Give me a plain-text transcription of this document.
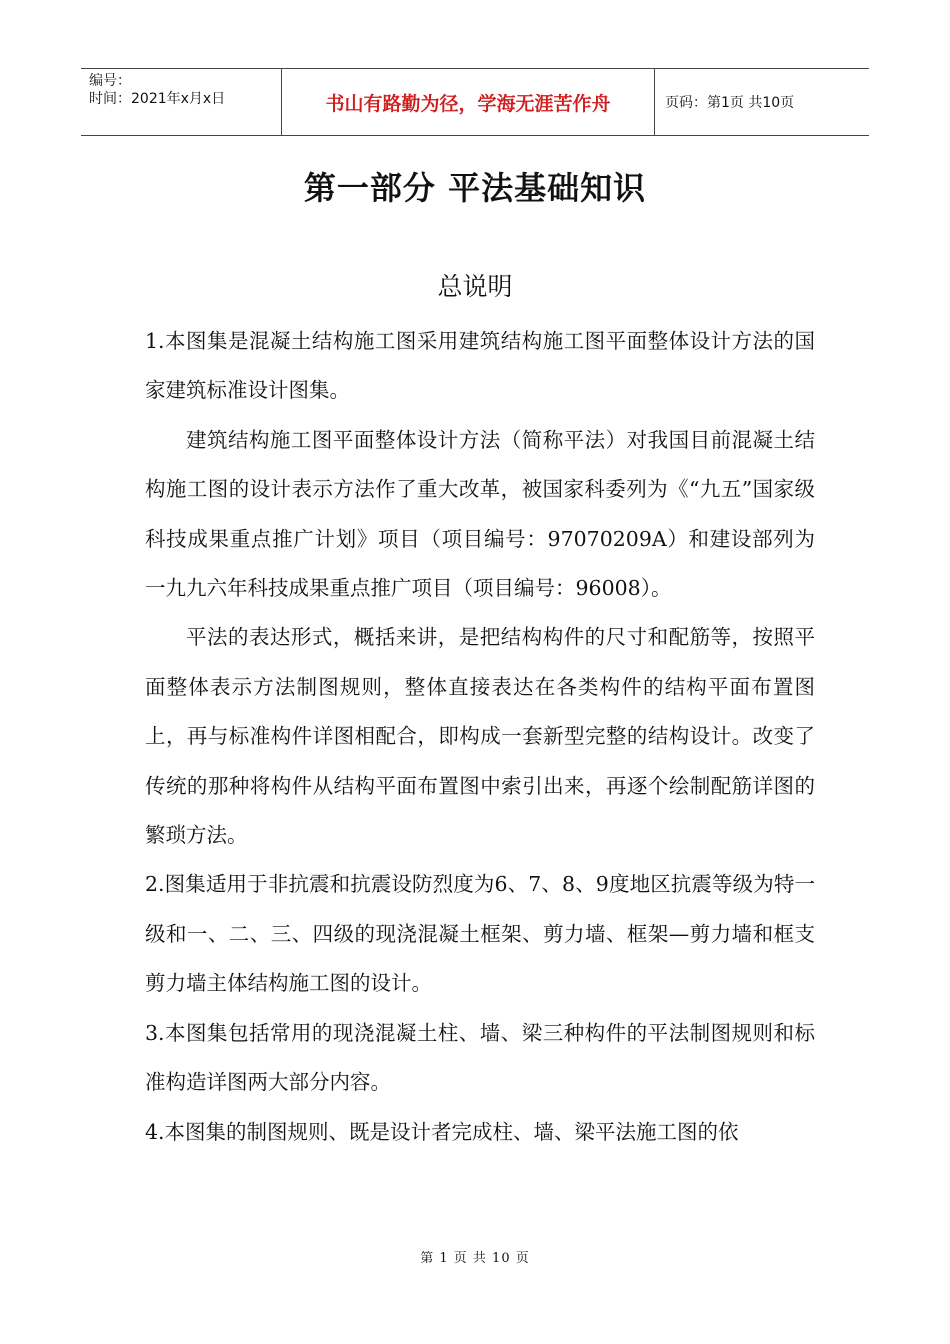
编号：
时间：2021年x月x日	书山有路勤为径，学海无涯苦作舟	页码：第1页 共10页
第一部分 平法基础知识
总说明

1.本图集是混凝土结构施工图采用建筑结构施工图平面整体设计方法的国家建筑标准设计图集。

建筑结构施工图平面整体设计方法（简称平法）对我国目前混凝土结构施工图的设计表示方法作了重大改革，被国家科委列为《“九五”国家级科技成果重点推广计划》项目（项目编号：97070209A）和建设部列为一九九六年科技成果重点推广项目（项目编号：96008）。

平法的表达形式，概括来讲，是把结构构件的尺寸和配筋等，按照平面整体表示方法制图规则，整体直接表达在各类构件的结构平面布置图上，再与标准构件详图相配合，即构成一套新型完整的结构设计。改变了传统的那种将构件从结构平面布置图中索引出来，再逐个绘制配筋详图的繁琐方法。

2.图集适用于非抗震和抗震设防烈度为6、7、8、9度地区抗震等级为特一级和一、二、三、四级的现浇混凝土框架、剪力墙、框架—剪力墙和框支剪力墙主体结构施工图的设计。

3.本图集包括常用的现浇混凝土柱、墙、梁三种构件的平法制图规则和标准构造详图两大部分内容。

4.本图集的制图规则、既是设计者完成柱、墙、梁平法施工图的依

第 1 页 共 10 页
